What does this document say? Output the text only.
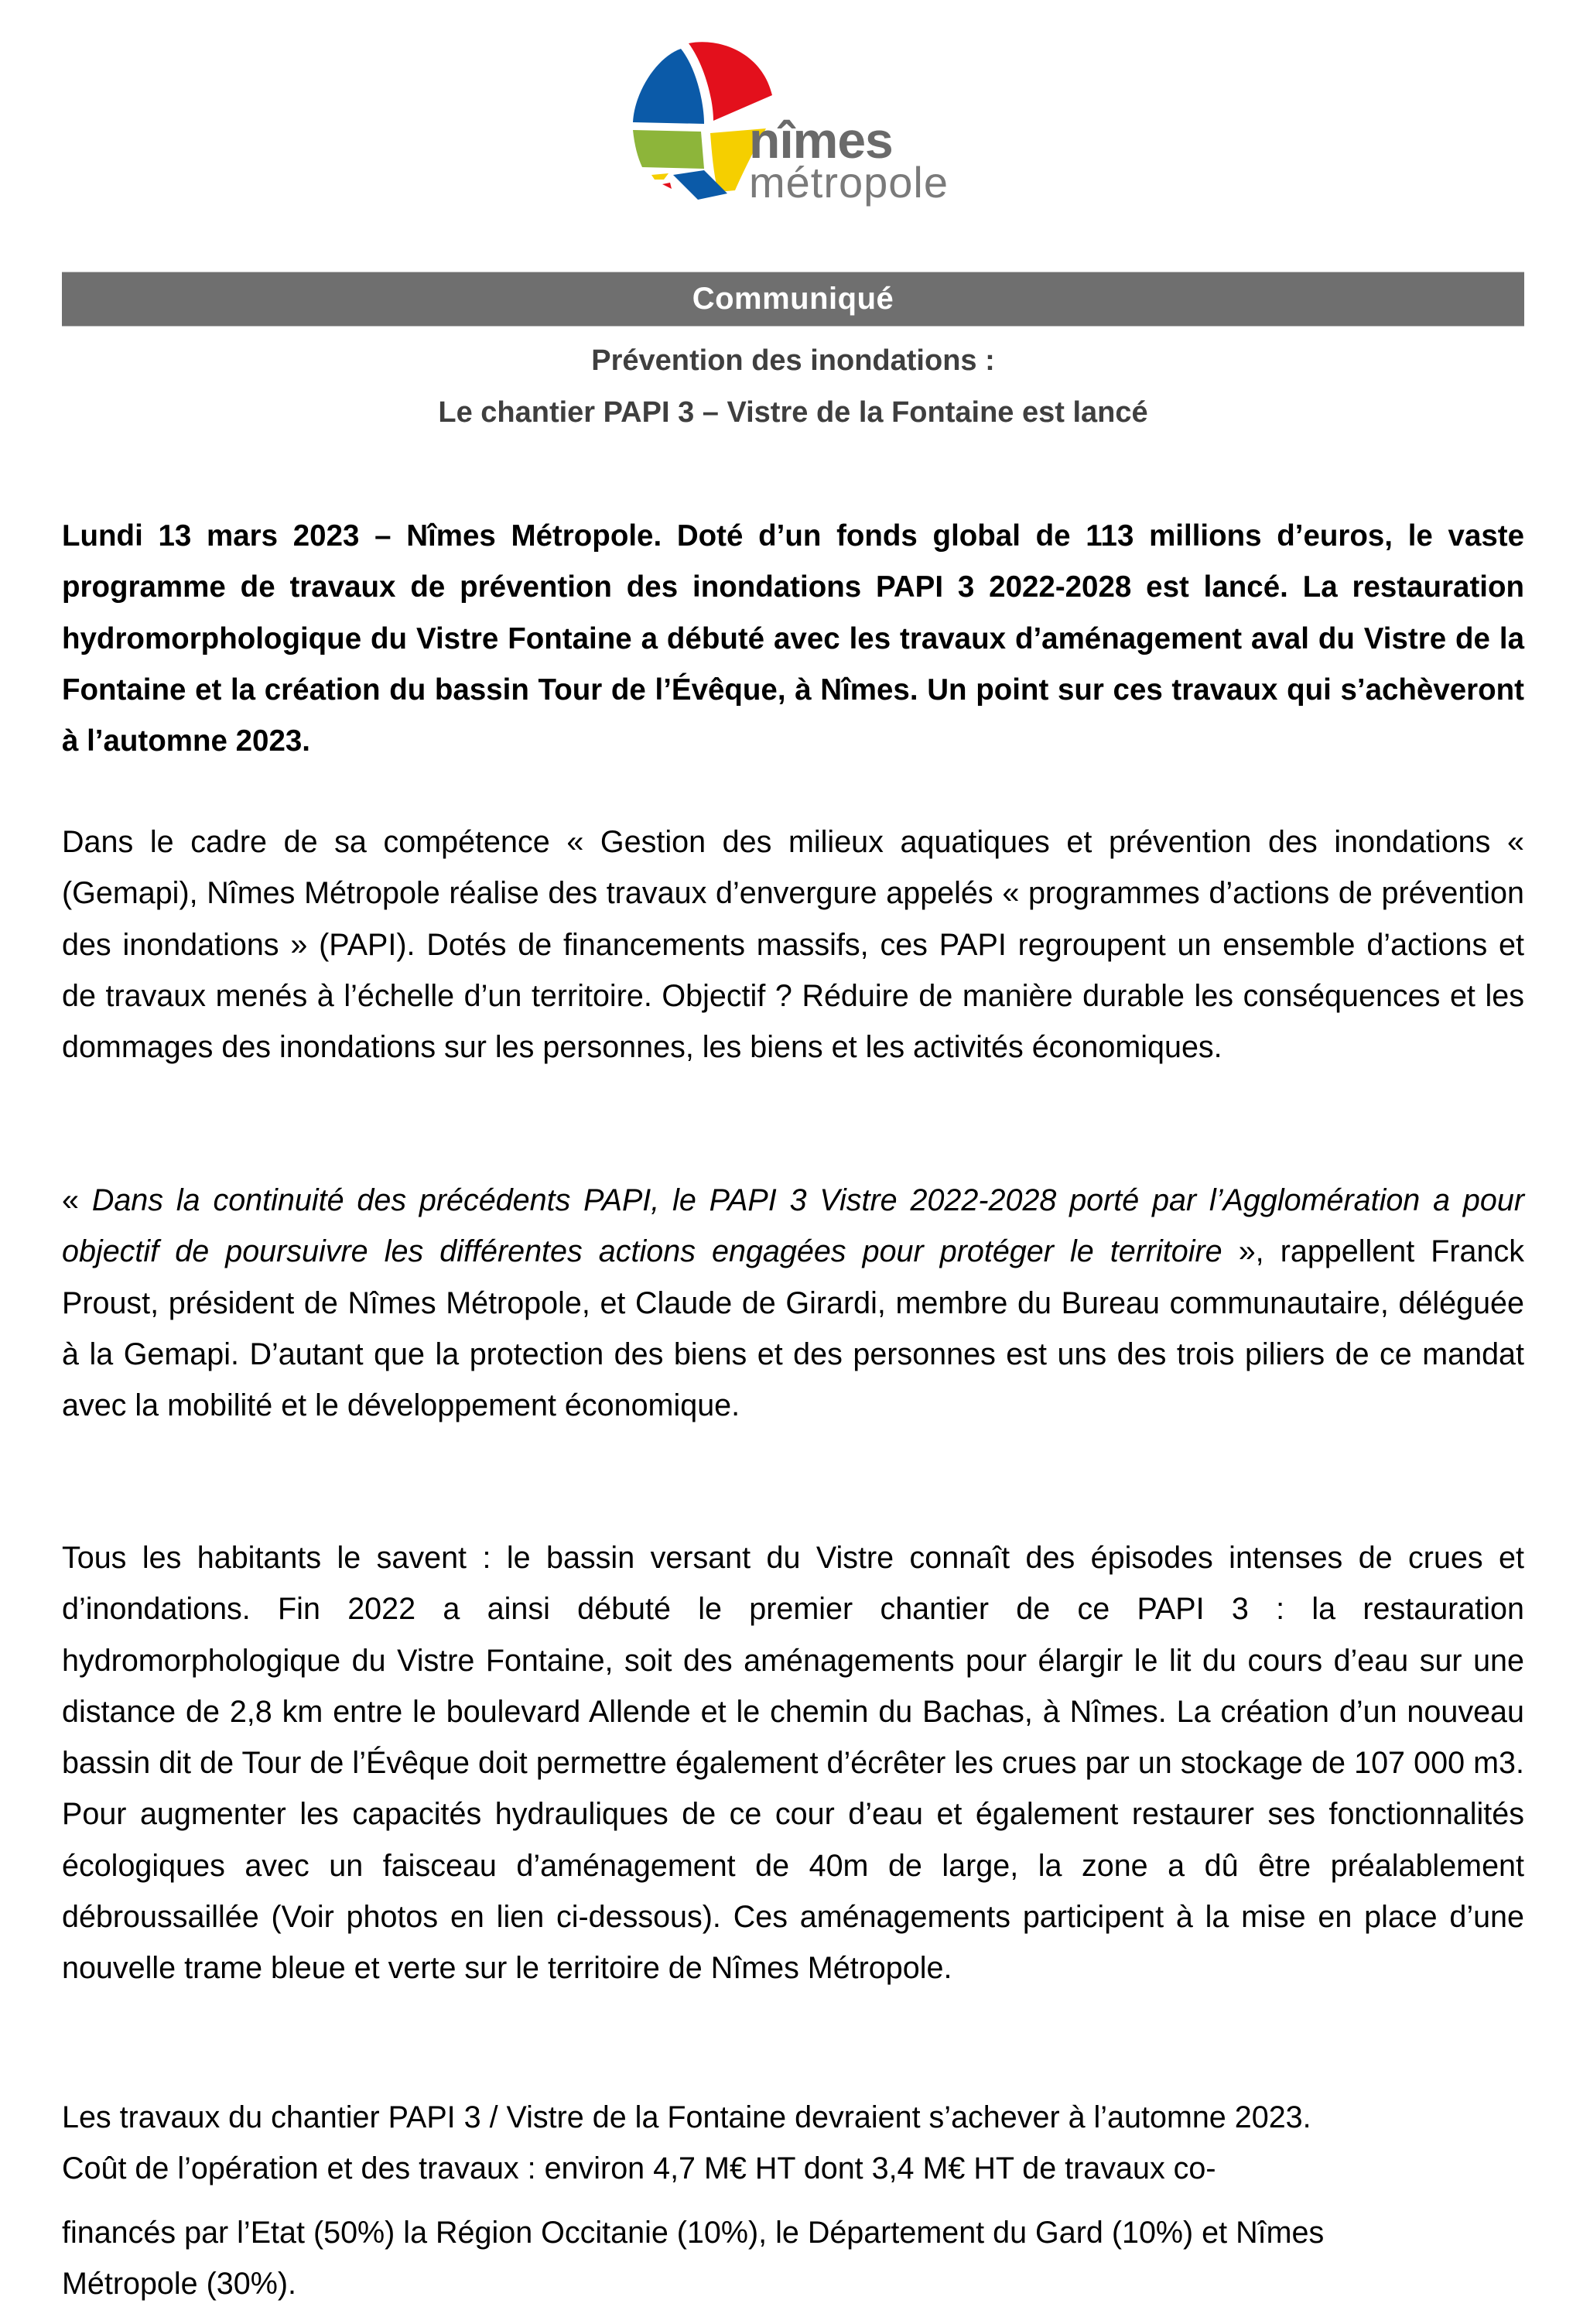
nîmes
métropole
Communiqué
Prévention des inondations :
Le chantier PAPI 3 – Vistre de la Fontaine est lancé
Lundi 13 mars 2023 – Nîmes Métropole. Doté d’un fonds global de 113 millions d’euros, le vaste programme de travaux de prévention des inondations PAPI 3 2022-2028 est lancé. La restauration hydromorphologique du Vistre Fontaine a débuté avec les travaux d’aménagement aval du Vistre de la Fontaine et la création du bassin Tour de l’Évêque, à Nîmes. Un point sur ces travaux qui s’achèveront à l’automne 2023.
Dans le cadre de sa compétence « Gestion des milieux aquatiques et prévention des inondations « (Gemapi), Nîmes Métropole réalise des travaux d’envergure appelés « programmes d’actions de prévention des inondations » (PAPI). Dotés de financements massifs, ces PAPI regroupent un ensemble d’actions et de travaux menés à l’échelle d’un territoire. Objectif ? Réduire de manière durable les conséquences et les dommages des inondations sur les personnes, les biens et les activités économiques.
« Dans la continuité des précédents PAPI, le PAPI 3 Vistre 2022-2028 porté par l’Agglomération a pour objectif de poursuivre les différentes actions engagées pour protéger le territoire », rappellent Franck Proust, président de Nîmes Métropole, et Claude de Girardi, membre du Bureau communautaire, déléguée à la Gemapi. D’autant que la protection des biens et des personnes est uns des trois piliers de ce mandat avec la mobilité et le développement économique.
Tous les habitants le savent : le bassin versant du Vistre connaît des épisodes intenses de crues et d’inondations. Fin 2022 a ainsi débuté le premier chantier de ce PAPI 3 : la restauration hydromorphologique du Vistre Fontaine, soit des aménagements pour élargir le lit du cours d’eau sur une distance de 2,8 km entre le boulevard Allende et le chemin du Bachas, à Nîmes. La création d’un nouveau bassin dit de Tour de l’Évêque doit permettre également d’écrêter les crues par un stockage de 107 000 m3. Pour augmenter les capacités hydrauliques de ce cour d’eau et également restaurer ses fonctionnalités écologiques avec un faisceau d’aménagement de 40m de large, la zone a dû être préalablement débroussaillée (Voir photos en lien ci-dessous). Ces aménagements participent à la mise en place d’une nouvelle trame bleue et verte sur le territoire de Nîmes Métropole.
Les travaux du chantier PAPI 3 / Vistre de la Fontaine devraient s’achever à l’automne 2023.
Coût de l’opération et des travaux : environ 4,7 M€ HT dont 3,4 M€ HT de travaux co-
financés par l’Etat (50%) la Région Occitanie (10%), le Département du Gard (10%) et Nîmes
Métropole (30%).
